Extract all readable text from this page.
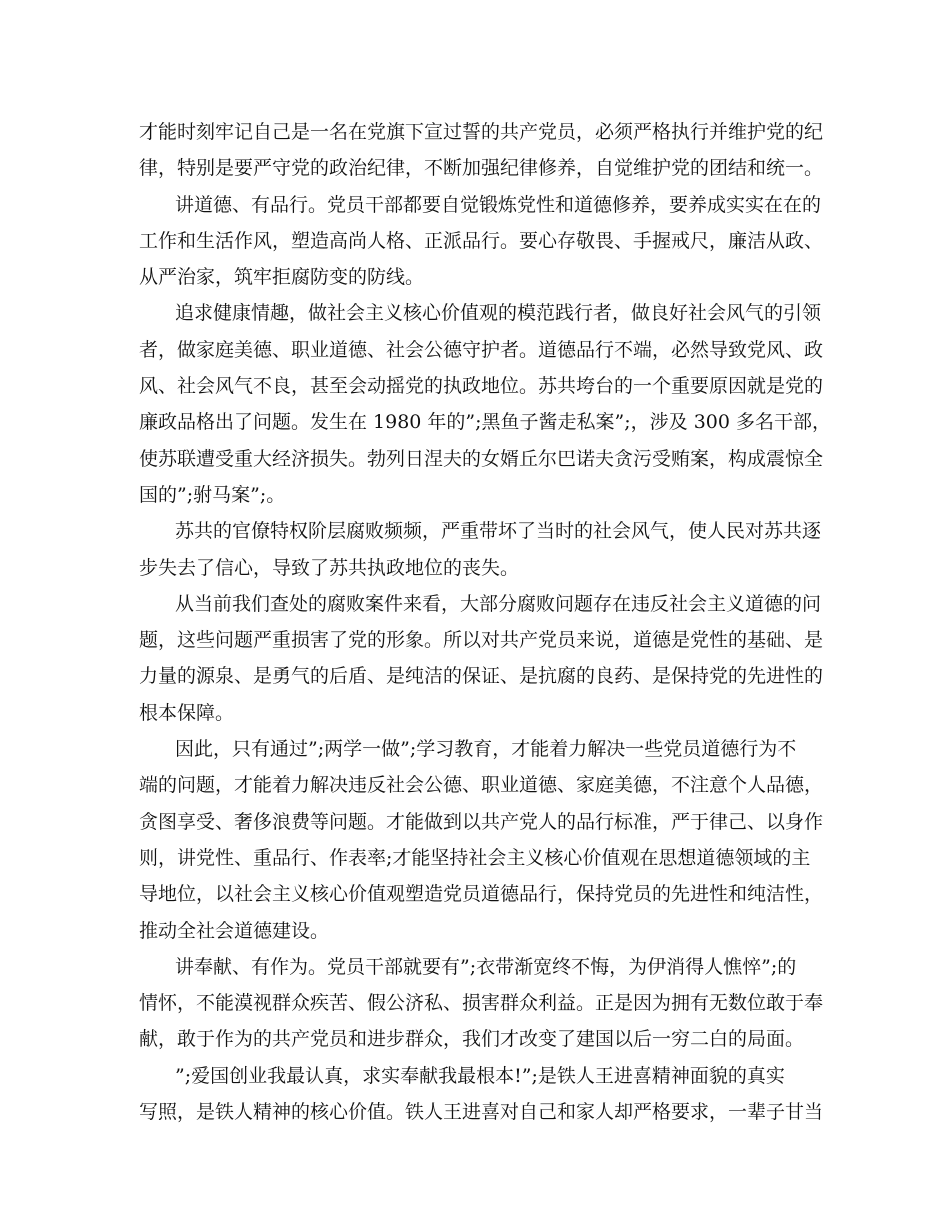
才能时刻牢记自己是一名在党旗下宣过誓的共产党员，必须严格执行并维护党的纪
律，特别是要严守党的政治纪律，不断加强纪律修养，自觉维护党的团结和统一。
讲道德、有品行。党员干部都要自觉锻炼党性和道德修养，要养成实实在在的
工作和生活作风，塑造高尚人格、正派品行。要心存敬畏、手握戒尺，廉洁从政、
从严治家，筑牢拒腐防变的防线。
追求健康情趣，做社会主义核心价值观的模范践行者，做良好社会风气的引领
者，做家庭美德、职业道德、社会公德守护者。道德品行不端，必然导致党风、政
风、社会风气不良，甚至会动摇党的执政地位。苏共垮台的一个重要原因就是党的
廉政品格出了问题。发生在 1980 年的”;黑鱼子酱走私案”;，涉及 300 多名干部，
使苏联遭受重大经济损失。勃列日涅夫的女婿丘尔巴诺夫贪污受贿案，构成震惊全
国的”;驸马案”;。
苏共的官僚特权阶层腐败频频，严重带坏了当时的社会风气，使人民对苏共逐
步失去了信心，导致了苏共执政地位的丧失。
从当前我们查处的腐败案件来看，大部分腐败问题存在违反社会主义道德的问
题，这些问题严重损害了党的形象。所以对共产党员来说，道德是党性的基础、是
力量的源泉、是勇气的后盾、是纯洁的保证、是抗腐的良药、是保持党的先进性的
根本保障。
因此，只有通过”;两学一做”;学习教育，才能着力解决一些党员道德行为不
端的问题，才能着力解决违反社会公德、职业道德、家庭美德，不注意个人品德，
贪图享受、奢侈浪费等问题。才能做到以共产党人的品行标准，严于律己、以身作
则，讲党性、重品行、作表率;才能坚持社会主义核心价值观在思想道德领域的主
导地位，以社会主义核心价值观塑造党员道德品行，保持党员的先进性和纯洁性，
推动全社会道德建设。
讲奉献、有作为。党员干部就要有”;衣带渐宽终不悔，为伊消得人憔悴”;的
情怀，不能漠视群众疾苦、假公济私、损害群众利益。正是因为拥有无数位敢于奉
献，敢于作为的共产党员和进步群众，我们才改变了建国以后一穷二白的局面。
”;爱国创业我最认真，求实奉献我最根本!”;是铁人王进喜精神面貌的真实
写照，是铁人精神的核心价值。铁人王进喜对自己和家人却严格要求，一辈子甘当
